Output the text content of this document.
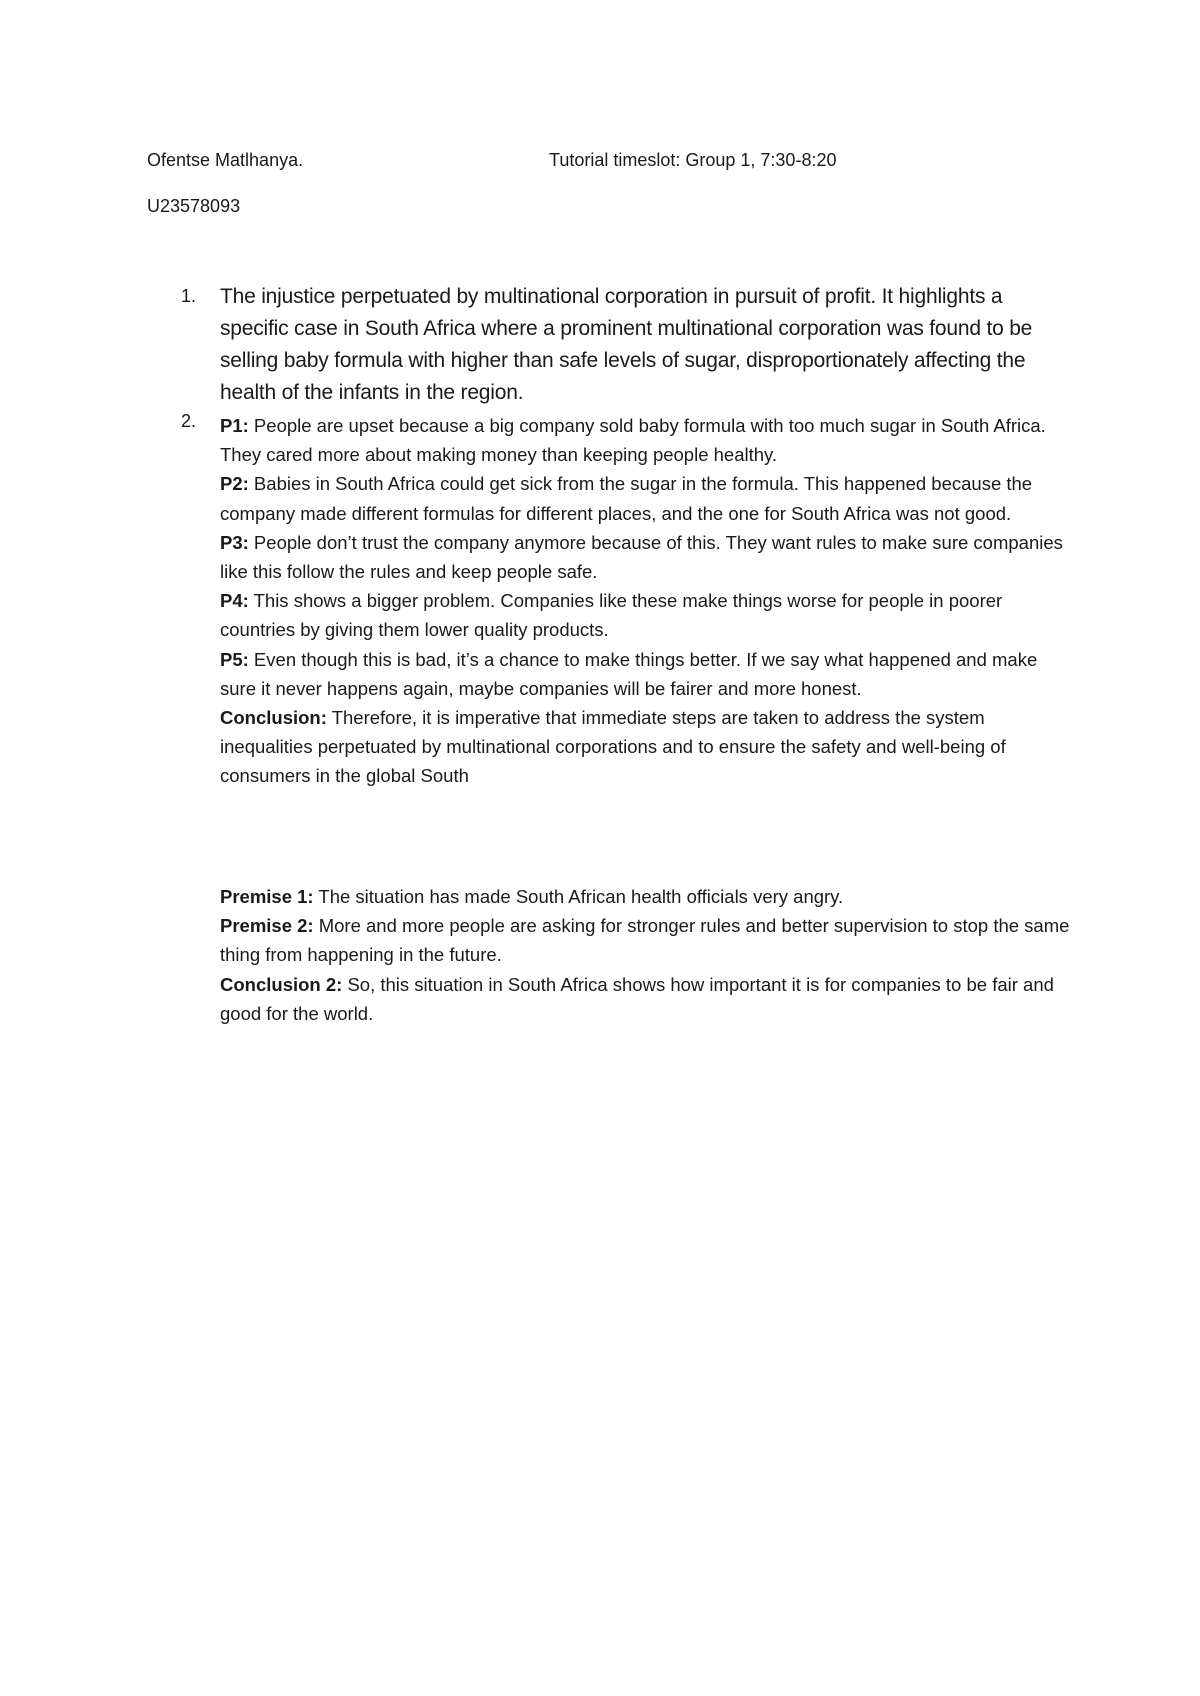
Ofentse Matlhanya.	Tutorial timeslot: Group 1, 7:30-8:20
U23578093
1. The injustice perpetuated by multinational corporation in pursuit of profit. It highlights a specific case in South Africa where a prominent multinational corporation was found to be selling baby formula with higher than safe levels of sugar, disproportionately affecting the health of the infants in the region.
2. P1: People are upset because a big company sold baby formula with too much sugar in South Africa. They cared more about making money than keeping people healthy.

P2: Babies in South Africa could get sick from the sugar in the formula. This happened because the company made different formulas for different places, and the one for South Africa was not good.

P3: People don’t trust the company anymore because of this. They want rules to make sure companies like this follow the rules and keep people safe.

P4: This shows a bigger problem. Companies like these make things worse for people in poorer countries by giving them lower quality products.

P5: Even though this is bad, it’s a chance to make things better. If we say what happened and make sure it never happens again, maybe companies will be fairer and more honest.

Conclusion: Therefore, it is imperative that immediate steps are taken to address the system inequalities perpetuated by multinational corporations and to ensure the safety and well-being of consumers in the global South

Premise 1: The situation has made South African health officials very angry.

Premise 2: More and more people are asking for stronger rules and better supervision to stop the same thing from happening in the future.

Conclusion 2: So, this situation in South Africa shows how important it is for companies to be fair and good for the world.
